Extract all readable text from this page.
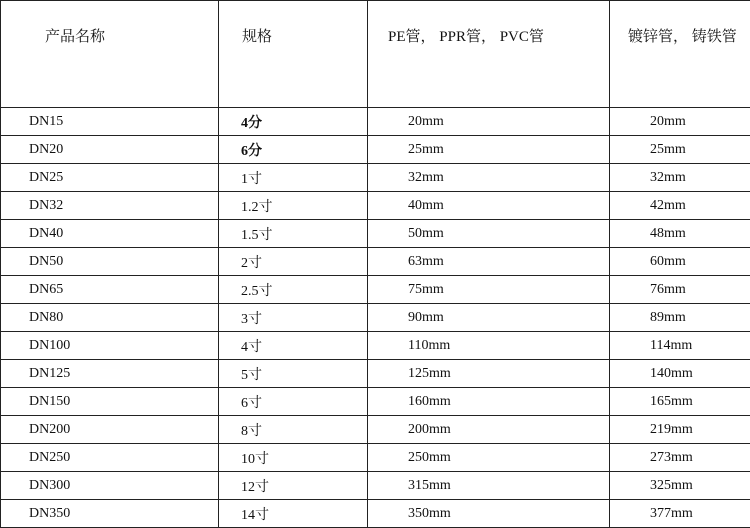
产品名称	规格	PE管， PPR管， PVC管	镀锌管， 铸铁管
DN15	4分	20mm	20mm
DN20	6分	25mm	25mm
DN25	1寸	32mm	32mm
DN32	1.2寸	40mm	42mm
DN40	1.5寸	50mm	48mm
DN50	2寸	63mm	60mm
DN65	2.5寸	75mm	76mm
DN80	3寸	90mm	89mm
DN100	4寸	110mm	114mm
DN125	5寸	125mm	140mm
DN150	6寸	160mm	165mm
DN200	8寸	200mm	219mm
DN250	10寸	250mm	273mm
DN300	12寸	315mm	325mm
DN350	14寸	350mm	377mm
